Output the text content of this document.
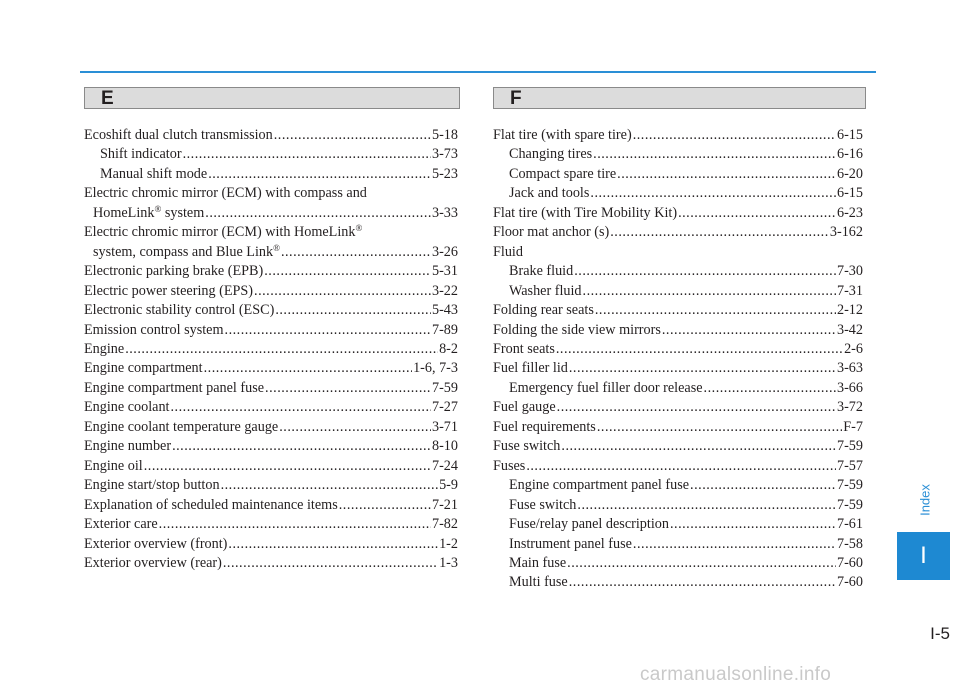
E	F
Ecoshift dual clutch transmission .....	5-18
Shift indicator .....	3-73
Manual shift mode .....	5-23
Electric chromic mirror (ECM) with compass and
HomeLink® system .....	3-33
Electric chromic mirror (ECM) with HomeLink®
system, compass and Blue Link® .....	3-26
Electronic parking brake (EPB) .....	5-31
Electric power steering (EPS) .....	3-22
Electronic stability control (ESC) .....	5-43
Emission control system .....	7-89
Engine .....	8-2
Engine compartment .....	1-6, 7-3
Engine compartment panel fuse .....	7-59
Engine coolant .....	7-27
Engine coolant temperature gauge .....	3-71
Engine number .....	8-10
Engine oil .....	7-24
Engine start/stop button .....	5-9
Explanation of scheduled maintenance items .....	7-21
Exterior care .....	7-82
Exterior overview (front) .....	1-2
Exterior overview (rear) .....	1-3
Flat tire (with spare tire) .....	6-15
Changing tires .....	6-16
Compact spare tire .....	6-20
Jack and tools .....	6-15
Flat tire (with Tire Mobility Kit) .....	6-23
Floor mat anchor (s) .....	3-162
Fluid
Brake fluid .....	7-30
Washer fluid .....	7-31
Folding rear seats .....	2-12
Folding the side view mirrors .....	3-42
Front seats .....	2-6
Fuel filler lid .....	3-63
Emergency fuel filler door release .....	3-66
Fuel gauge .....	3-72
Fuel requirements .....	F-7
Fuse switch .....	7-59
Fuses .....	7-57
Engine compartment panel fuse .....	7-59
Fuse switch .....	7-59
Fuse/relay panel description .....	7-61
Instrument panel fuse .....	7-58
Main fuse .....	7-60
Multi fuse .....	7-60
Index
I
I-5
carmanualsonline.info
